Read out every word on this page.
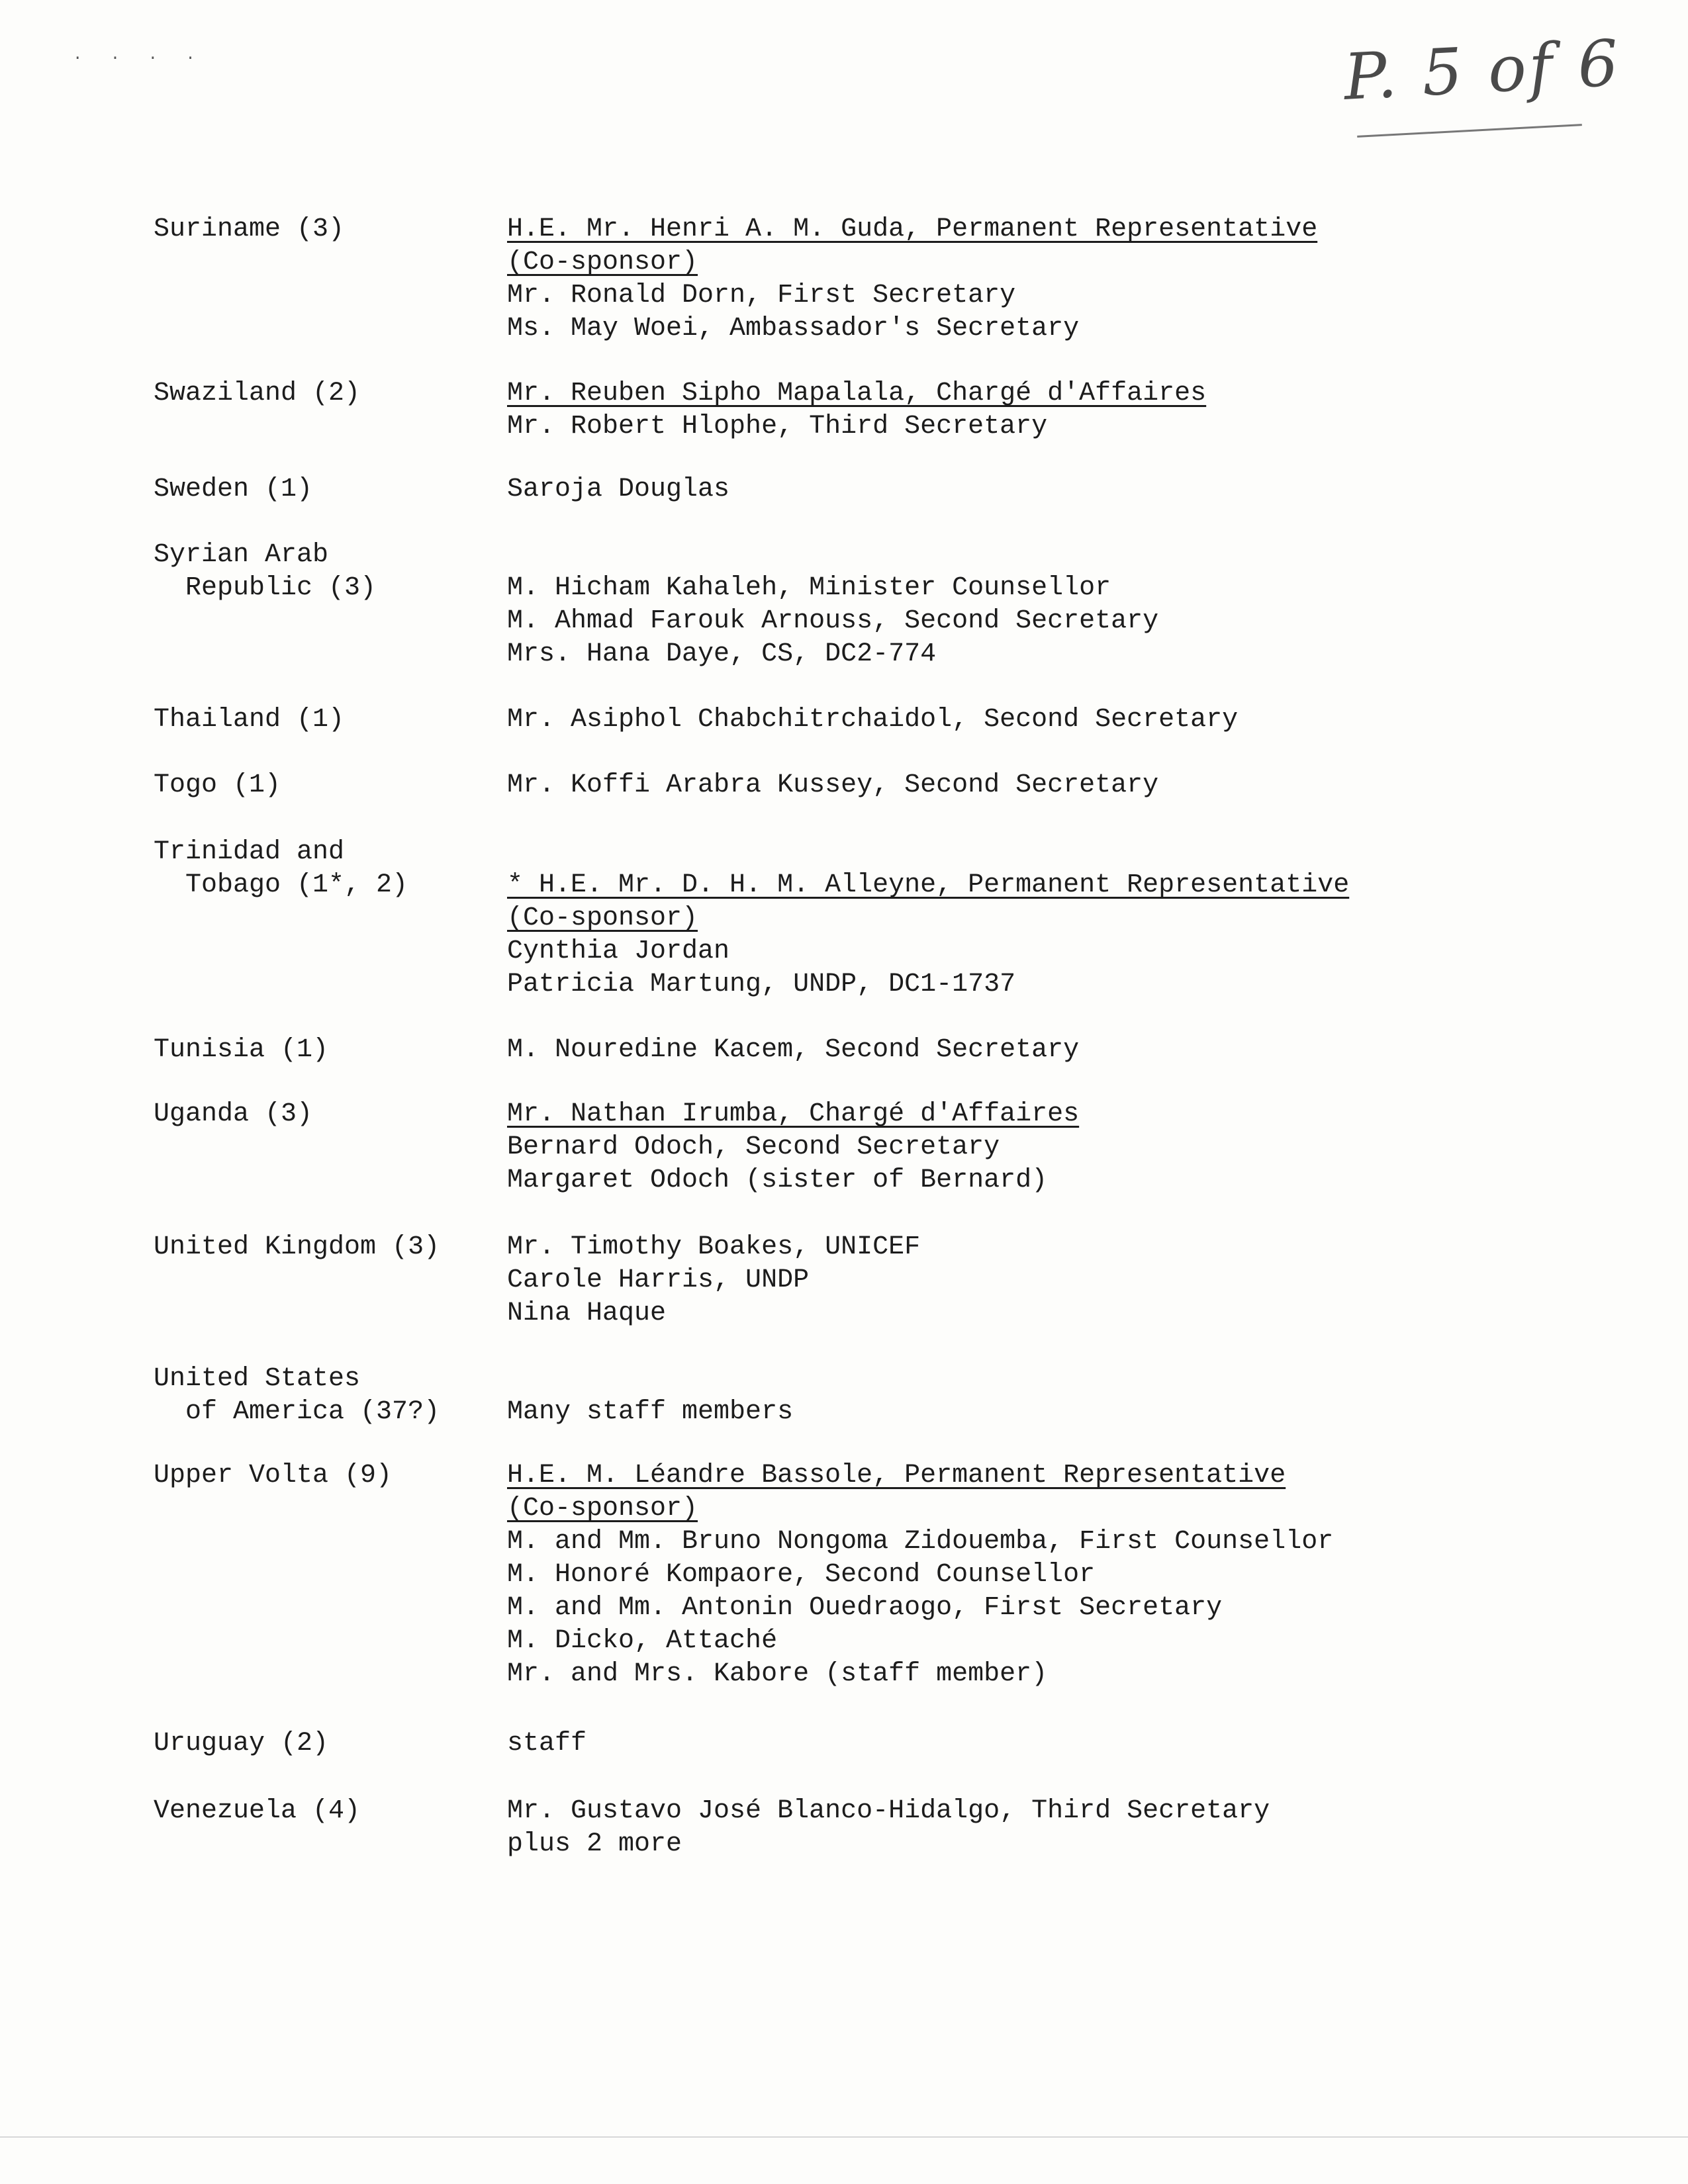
· · · ·	P. 5 of 6
Suriname (3)	H.E. Mr. Henri A. M. Guda, Permanent Representative
(Co-sponsor)
Mr. Ronald Dorn, First Secretary
Ms. May Woei, Ambassador's Secretary
Swaziland (2)	Mr. Reuben Sipho Mapalala, Chargé d'Affaires
Mr. Robert Hlophe, Third Secretary
Sweden (1)	Saroja Douglas
Syrian Arab
Republic (3)	M. Hicham Kahaleh, Minister Counsellor
M. Ahmad Farouk Arnouss, Second Secretary
Mrs. Hana Daye, CS, DC2-774
Thailand (1)	Mr. Asiphol Chabchitrchaidol, Second Secretary
Togo (1)	Mr. Koffi Arabra Kussey, Second Secretary
Trinidad and
Tobago (1*, 2)	* H.E. Mr. D. H. M. Alleyne, Permanent Representative
(Co-sponsor)
Cynthia Jordan
Patricia Martung, UNDP, DC1-1737
Tunisia (1)	M. Nouredine Kacem, Second Secretary
Uganda (3)	Mr. Nathan Irumba, Chargé d'Affaires
Bernard Odoch, Second Secretary
Margaret Odoch (sister of Bernard)
United Kingdom (3)	Mr. Timothy Boakes, UNICEF
Carole Harris, UNDP
Nina Haque
United States
of America (37?)	Many staff members
Upper Volta (9)	H.E. M. Léandre Bassole, Permanent Representative
(Co-sponsor)
M. and Mm. Bruno Nongoma Zidouemba, First Counsellor
M. Honoré Kompaore, Second Counsellor
M. and Mm. Antonin Ouedraogo, First Secretary
M. Dicko, Attaché
Mr. and Mrs. Kabore (staff member)
Uruguay (2)	staff
Venezuela (4)	Mr. Gustavo José Blanco-Hidalgo, Third Secretary
plus 2 more
